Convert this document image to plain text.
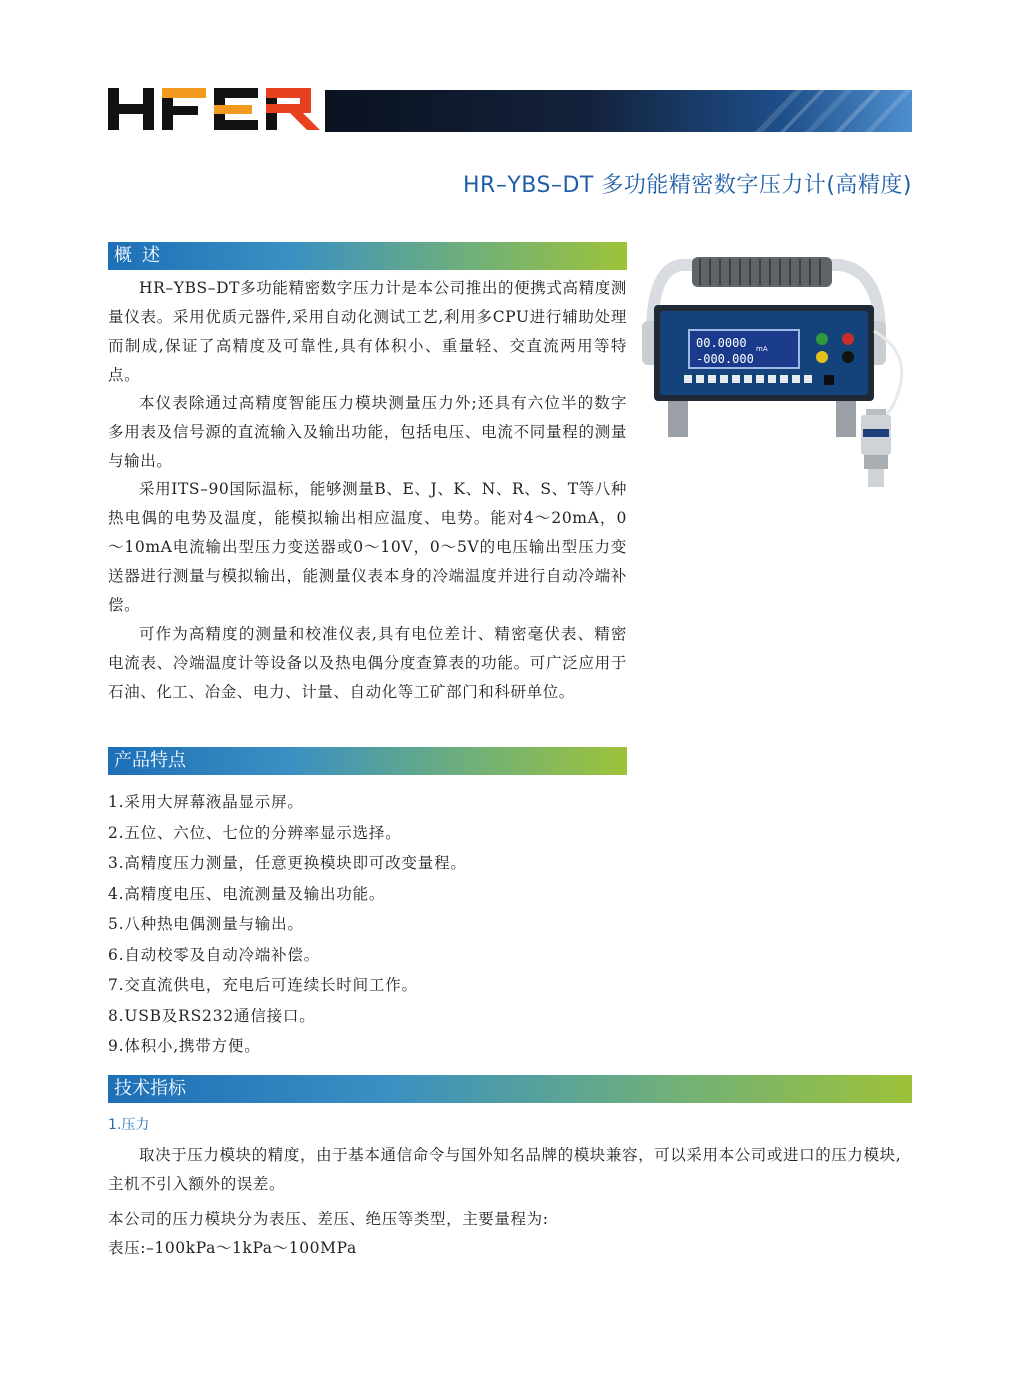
HR–YBS–DT 多功能精密数字压力计(高精度)
概述

HR–YBS–DT多功能精密数字压力计是本公司推出的便携式高精度测量仪表。采用优质元器件,采用自动化测试工艺,利用多CPU进行辅助处理而制成,保证了高精度及可靠性,具有体积小、重量轻、交直流两用等特点。

本仪表除通过高精度智能压力模块测量压力外;还具有六位半的数字多用表及信号源的直流输入及输出功能，包括电压、电流不同量程的测量与输出。

采用ITS–90国际温标，能够测量B、E、J、K、N、R、S、T等八种热电偶的电势及温度，能模拟输出相应温度、电势。能对4～20mA，0～10mA电流输出型压力变送器或0～10V，0～5V的电压输出型压力变送器进行测量与模拟输出，能测量仪表本身的冷端温度并进行自动冷端补偿。

可作为高精度的测量和校准仪表,具有电位差计、精密毫伏表、精密电流表、冷端温度计等设备以及热电偶分度查算表的功能。可广泛应用于石油、化工、冶金、电力、计量、自动化等工矿部门和科研单位。

00.0000
-000.000
mA
产品特点
1.采用大屏幕液晶显示屏。
2.五位、六位、七位的分辨率显示选择。
3.高精度压力测量，任意更换模块即可改变量程。
4.高精度电压、电流测量及输出功能。
5.八种热电偶测量与输出。
6.自动校零及自动冷端补偿。
7.交直流供电，充电后可连续长时间工作。
8.USB及RS232通信接口。
9.体积小,携带方便。
技术指标
1.压力

取决于压力模块的精度，由于基本通信命令与国外知名品牌的模块兼容，可以采用本公司或进口的压力模块,主机不引入额外的误差。

本公司的压力模块分为表压、差压、绝压等类型，主要量程为:

表压:–100kPa～1kPa～100MPa
